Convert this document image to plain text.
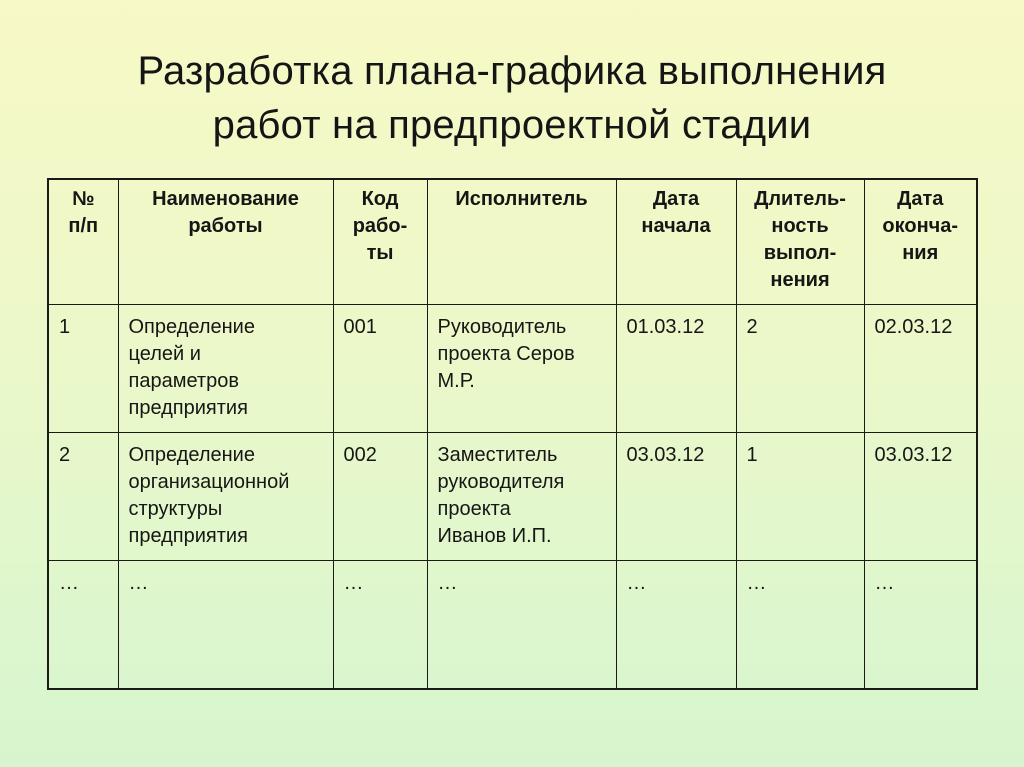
Разработка плана-графика выполнения
работ на предпроектной стадии
№
п/п	Наименование
работы	Код
рабо-
ты	Исполнитель	Дата
начала	Длитель-
ность
выпол-
нения	Дата
оконча-
ния
1	Определение
целей и
параметров
предприятия	001	Руководитель
проекта Серов
М.Р.	01.03.12	2	02.03.12
2	Определение
организационной
структуры
предприятия	002	Заместитель
руководителя
проекта
Иванов И.П.	03.03.12	1	03.03.12
…	…	…	…	…	…	…
